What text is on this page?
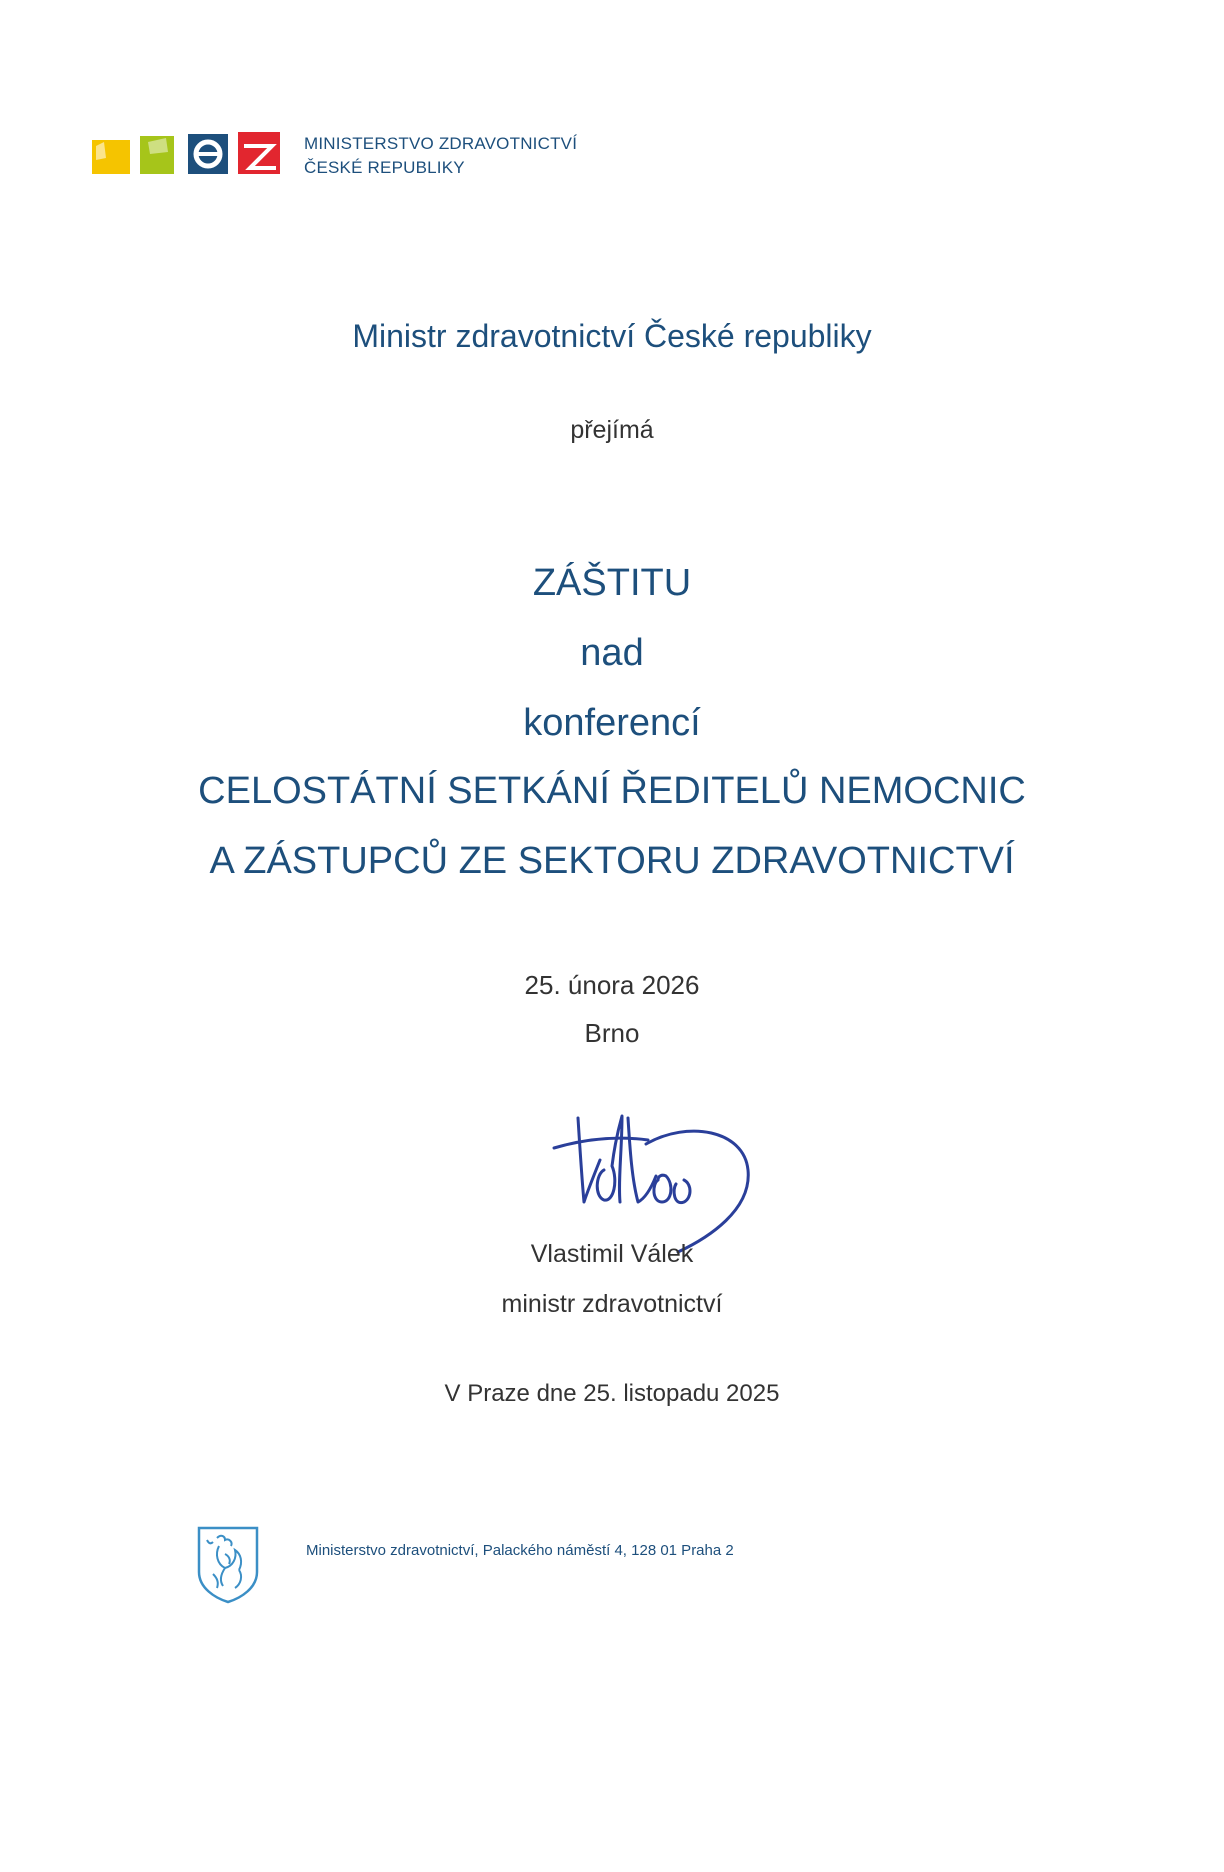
MINISTERSTVO ZDRAVOTNICTVÍ
ČESKÉ REPUBLIKY
Ministr zdravotnictví České republiky
přejímá
ZÁŠTITU
nad
konferencí
CELOSTÁTNÍ SETKÁNÍ ŘEDITELŮ NEMOCNIC
A ZÁSTUPCŮ ZE SEKTORU ZDRAVOTNICTVÍ
25. února 2026
Brno
Vlastimil Válek
ministr zdravotnictví
V Praze dne 25. listopadu 2025
Ministerstvo zdravotnictví, Palackého náměstí 4, 128 01 Praha 2
